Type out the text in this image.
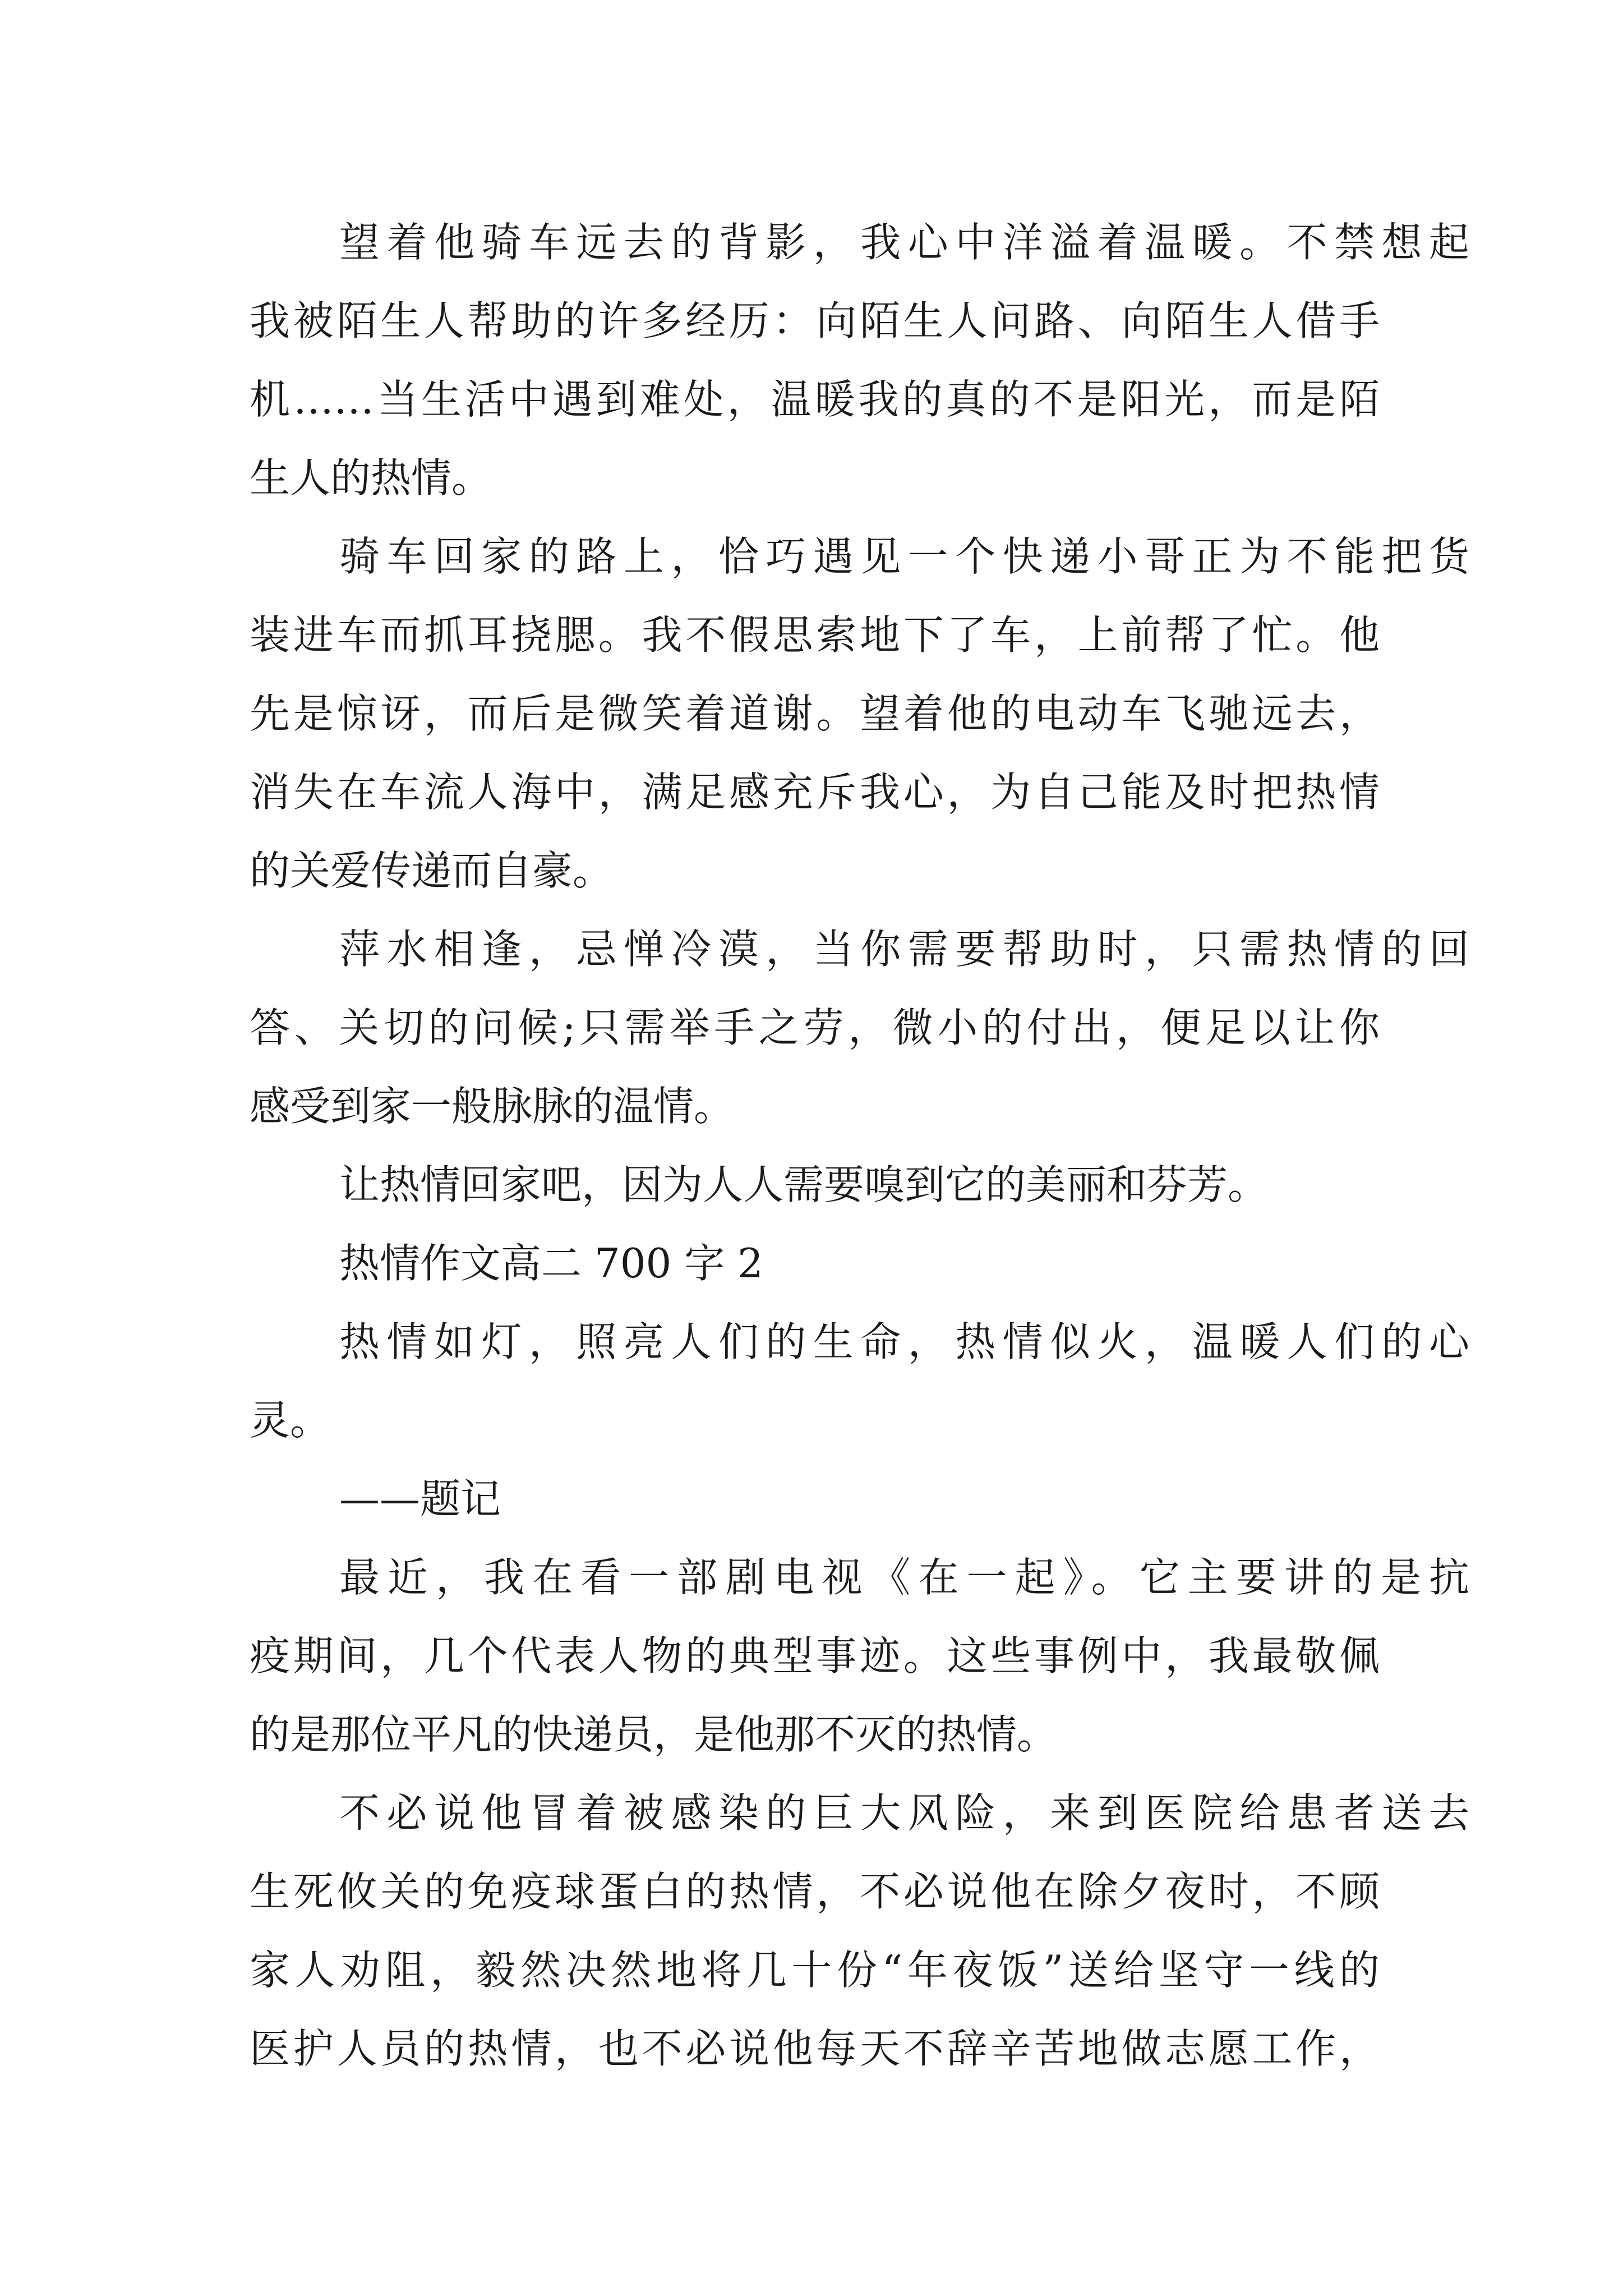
望着他骑车远去的背影，我心中洋溢着温暖。不禁想起
我被陌生人帮助的许多经历：向陌生人问路、向陌生人借手
机……当生活中遇到难处，温暖我的真的不是阳光，而是陌
生人的热情。
骑车回家的路上，恰巧遇见一个快递小哥正为不能把货
装进车而抓耳挠腮。我不假思索地下了车，上前帮了忙。他
先是惊讶，而后是微笑着道谢。望着他的电动车飞驰远去，
消失在车流人海中，满足感充斥我心，为自己能及时把热情
的关爱传递而自豪。
萍水相逢，忌惮冷漠，当你需要帮助时，只需热情的回
答、关切的问候;只需举手之劳，微小的付出，便足以让你
感受到家一般脉脉的温情。
让热情回家吧，因为人人需要嗅到它的美丽和芬芳。
热情作文高二 700 字 2
热情如灯，照亮人们的生命，热情似火，温暖人们的心
灵。
——题记
最近，我在看一部剧电视《在一起》。它主要讲的是抗
疫期间，几个代表人物的典型事迹。这些事例中，我最敬佩
的是那位平凡的快递员，是他那不灭的热情。
不必说他冒着被感染的巨大风险，来到医院给患者送去
生死攸关的免疫球蛋白的热情，不必说他在除夕夜时，不顾
家人劝阻，毅然决然地将几十份“年夜饭”送给坚守一线的
医护人员的热情，也不必说他每天不辞辛苦地做志愿工作，
